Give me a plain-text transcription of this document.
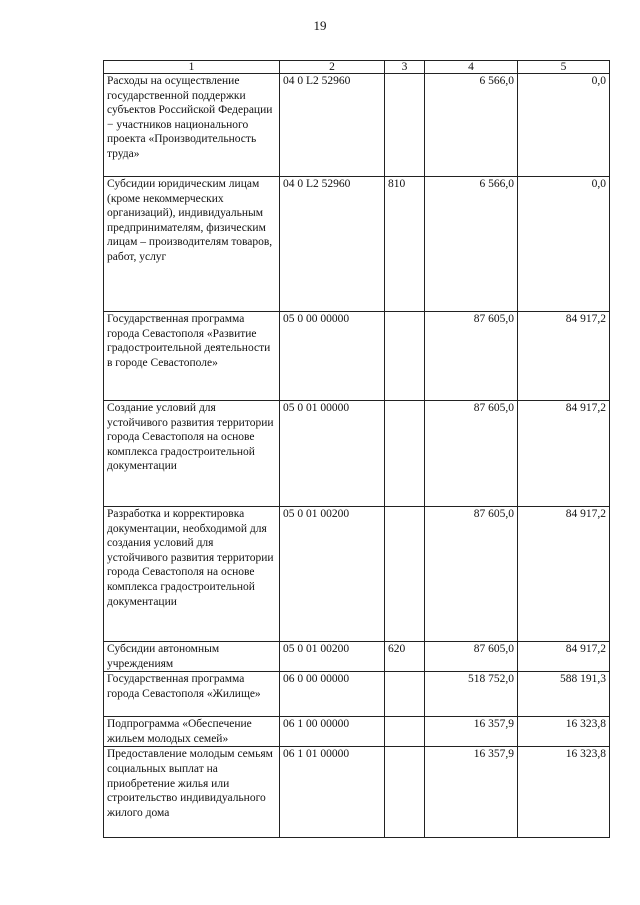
19
1	2	3	4	5
Расходы на осуществление государственной поддержки субъектов Российской Федерации − участников национального проекта «Производительность труда»	04 0 L2 52960		6 566,0	0,0
Субсидии юридическим лицам (кроме некоммерческих организаций), индивидуальным предпринимателям, физическим лицам – производителям товаров, работ, услуг	04 0 L2 52960	810	6 566,0	0,0
Государственная программа города Севастополя «Развитие градостроительной деятельности в городе Севастополе»	05 0 00 00000		87 605,0	84 917,2
Создание условий для устойчивого развития территории города Севастополя на основе комплекса градостроительной документации	05 0 01 00000		87 605,0	84 917,2
Разработка и корректировка документации, необходимой для создания условий для устойчивого развития территории города Севастополя на основе комплекса градостроительной документации	05 0 01 00200		87 605,0	84 917,2
Субсидии автономным учреждениям	05 0 01 00200	620	87 605,0	84 917,2
Государственная программа города Севастополя «Жилище»	06 0 00 00000		518 752,0	588 191,3
Подпрограмма «Обеспечение жильем молодых семей»	06 1 00 00000		16 357,9	16 323,8
Предоставление молодым семьям социальных выплат на приобретение жилья или строительство индивидуального жилого дома	06 1 01 00000		16 357,9	16 323,8
